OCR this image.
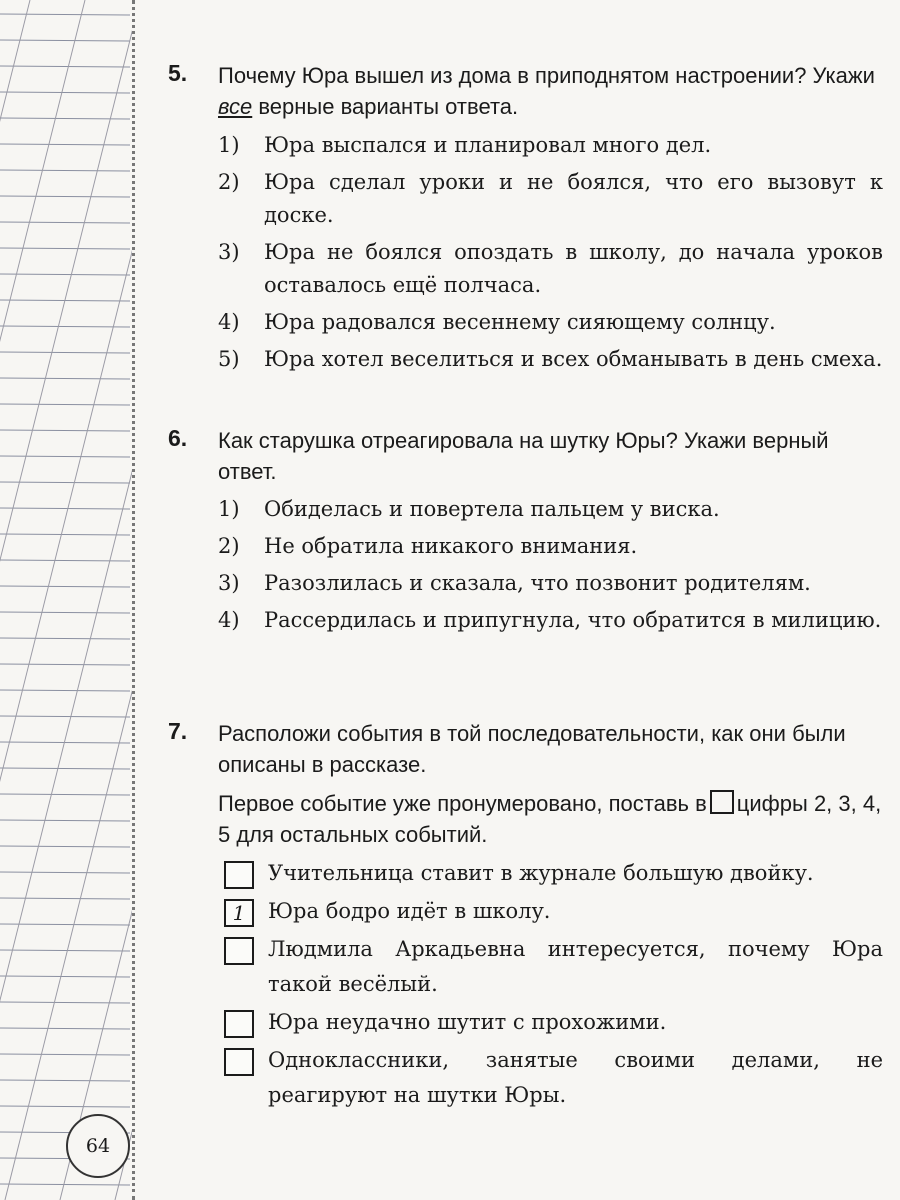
5. Почему Юра вышел из дома в приподнятом настроении? Укажи все верные варианты ответа.
1) Юра выспался и планировал много дел.
2) Юра сделал уроки и не боялся, что его вызовут к доске.
3) Юра не боялся опоздать в школу, до начала уроков оставалось ещё полчаса.
4) Юра радовался весеннему сияющему солнцу.
5) Юра хотел веселиться и всех обманывать в день смеха.
6. Как старушка отреагировала на шутку Юры? Укажи верный ответ.
1) Обиделась и повертела пальцем у виска.
2) Не обратила никакого внимания.
3) Разозлилась и сказала, что позвонит родителям.
4) Рассердилась и припугнула, что обратится в милицию.
7. Расположи события в той последовательности, как они были описаны в рассказе.
Первое событие уже пронумеровано, поставь в цифры 2, 3, 4, 5 для остальных событий.
Учительница ставит в журнале большую двойку.
1	Юра бодро идёт в школу.
Людмила Аркадьевна интересуется, почему Юра такой весёлый.
Юра неудачно шутит с прохожими.
Одноклассники, занятые своими делами, не реагируют на шутки Юры.
64
